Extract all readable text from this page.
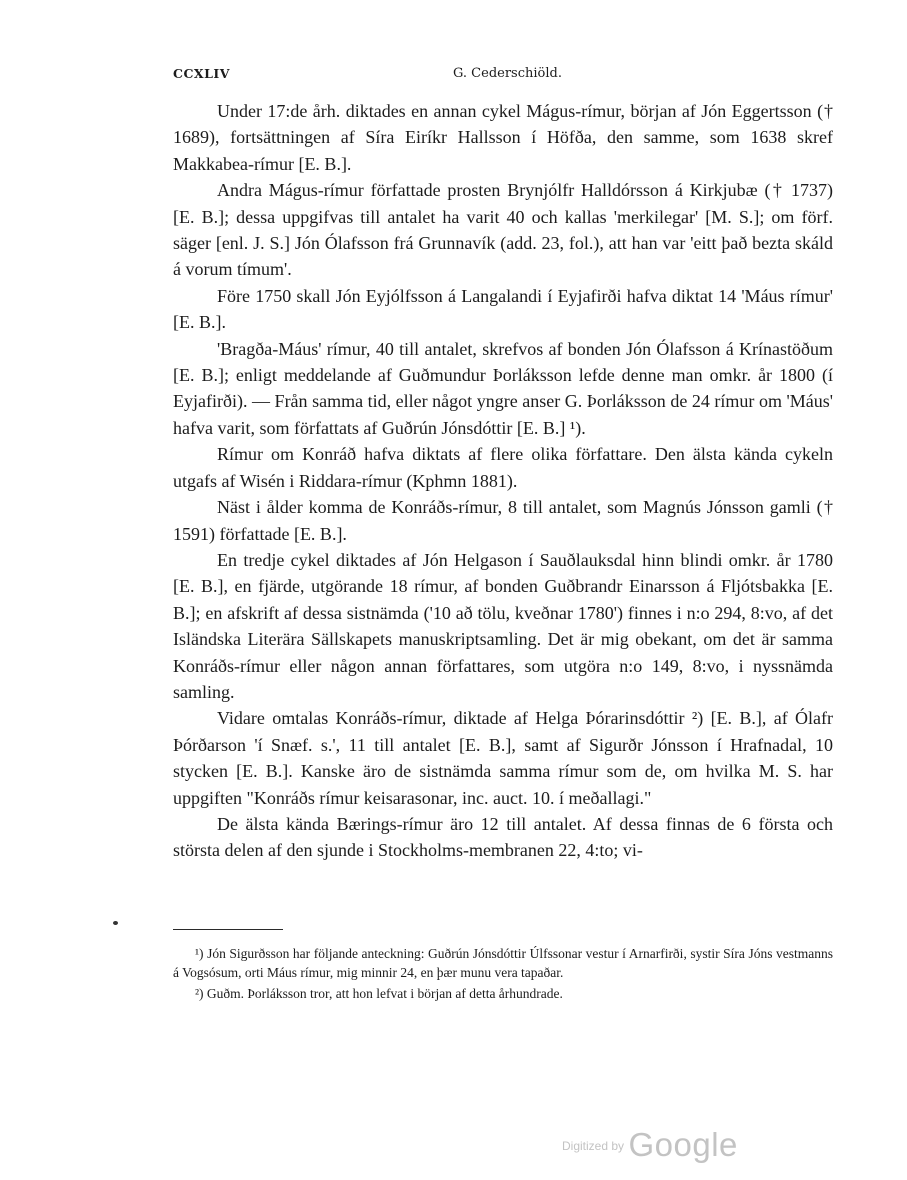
CCXLIV	G. Cederschiöld.

Under 17:de årh. diktades en annan cykel Mágus-rímur, början af Jón Eggertsson († 1689), fortsättningen af Síra Eiríkr Hallsson í Höfða, den samme, som 1638 skref Makkabea-rímur [E. B.].

Andra Mágus-rímur författade prosten Brynjólfr Halldórsson á Kirkjubæ († 1737) [E. B.]; dessa uppgifvas till antalet ha varit 40 och kallas 'merkilegar' [M. S.]; om förf. säger [enl. J. S.] Jón Ólafsson frá Grunnavík (add. 23, fol.), att han var 'eitt það bezta skáld á vorum tímum'.

Före 1750 skall Jón Eyjólfsson á Langalandi í Eyjafirði hafva diktat 14 'Máus rímur' [E. B.].

'Bragða-Máus' rímur, 40 till antalet, skrefvos af bonden Jón Ólafsson á Krínastöðum [E. B.]; enligt meddelande af Guðmundur Þorláksson lefde denne man omkr. år 1800 (í Eyjafirði). — Från samma tid, eller något yngre anser G. Þorláksson de 24 rímur om 'Máus' hafva varit, som författats af Guðrún Jónsdóttir [E. B.] ¹).

Rímur om Konráð hafva diktats af flere olika författare. Den älsta kända cykeln utgafs af Wisén i Riddara-rímur (Kphmn 1881).

Näst i ålder komma de Konráðs-rímur, 8 till antalet, som Magnús Jónsson gamli († 1591) författade [E. B.].

En tredje cykel diktades af Jón Helgason í Sauðlauksdal hinn blindi omkr. år 1780 [E. B.], en fjärde, utgörande 18 rímur, af bonden Guðbrandr Einarsson á Fljótsbakka [E. B.]; en afskrift af dessa sistnämda ('10 að tölu, kveðnar 1780') finnes i n:o 294, 8:vo, af det Isländska Literära Sällskapets manuskriptsamling. Det är mig obekant, om det är samma Konráðs-rímur eller någon annan författares, som utgöra n:o 149, 8:vo, i nyssnämda samling.

Vidare omtalas Konráðs-rímur, diktade af Helga Þórarinsdóttir ²) [E. B.], af Ólafr Þórðarson 'í Snæf. s.', 11 till antalet [E. B.], samt af Sigurðr Jónsson í Hrafnadal, 10 stycken [E. B.]. Kanske äro de sistnämda samma rímur som de, om hvilka M. S. har uppgiften "Konráðs rímur keisarasonar, inc. auct. 10. í meðallagi."

De älsta kända Bærings-rímur äro 12 till antalet. Af dessa finnas de 6 första och största delen af den sjunde i Stockholms-membranen 22, 4:to; vi-

¹) Jón Sigurðsson har följande anteckning: Guðrún Jónsdóttir Úlfssonar vestur í Arnarfirði, systir Síra Jóns vestmanns á Vogsósum, orti Máus rímur, mig minnir 24, en þær munu vera tapaðar.

²) Guðm. Þorláksson tror, att hon lefvat i början af detta århundrade.

$^{Digitized by}$ Google
